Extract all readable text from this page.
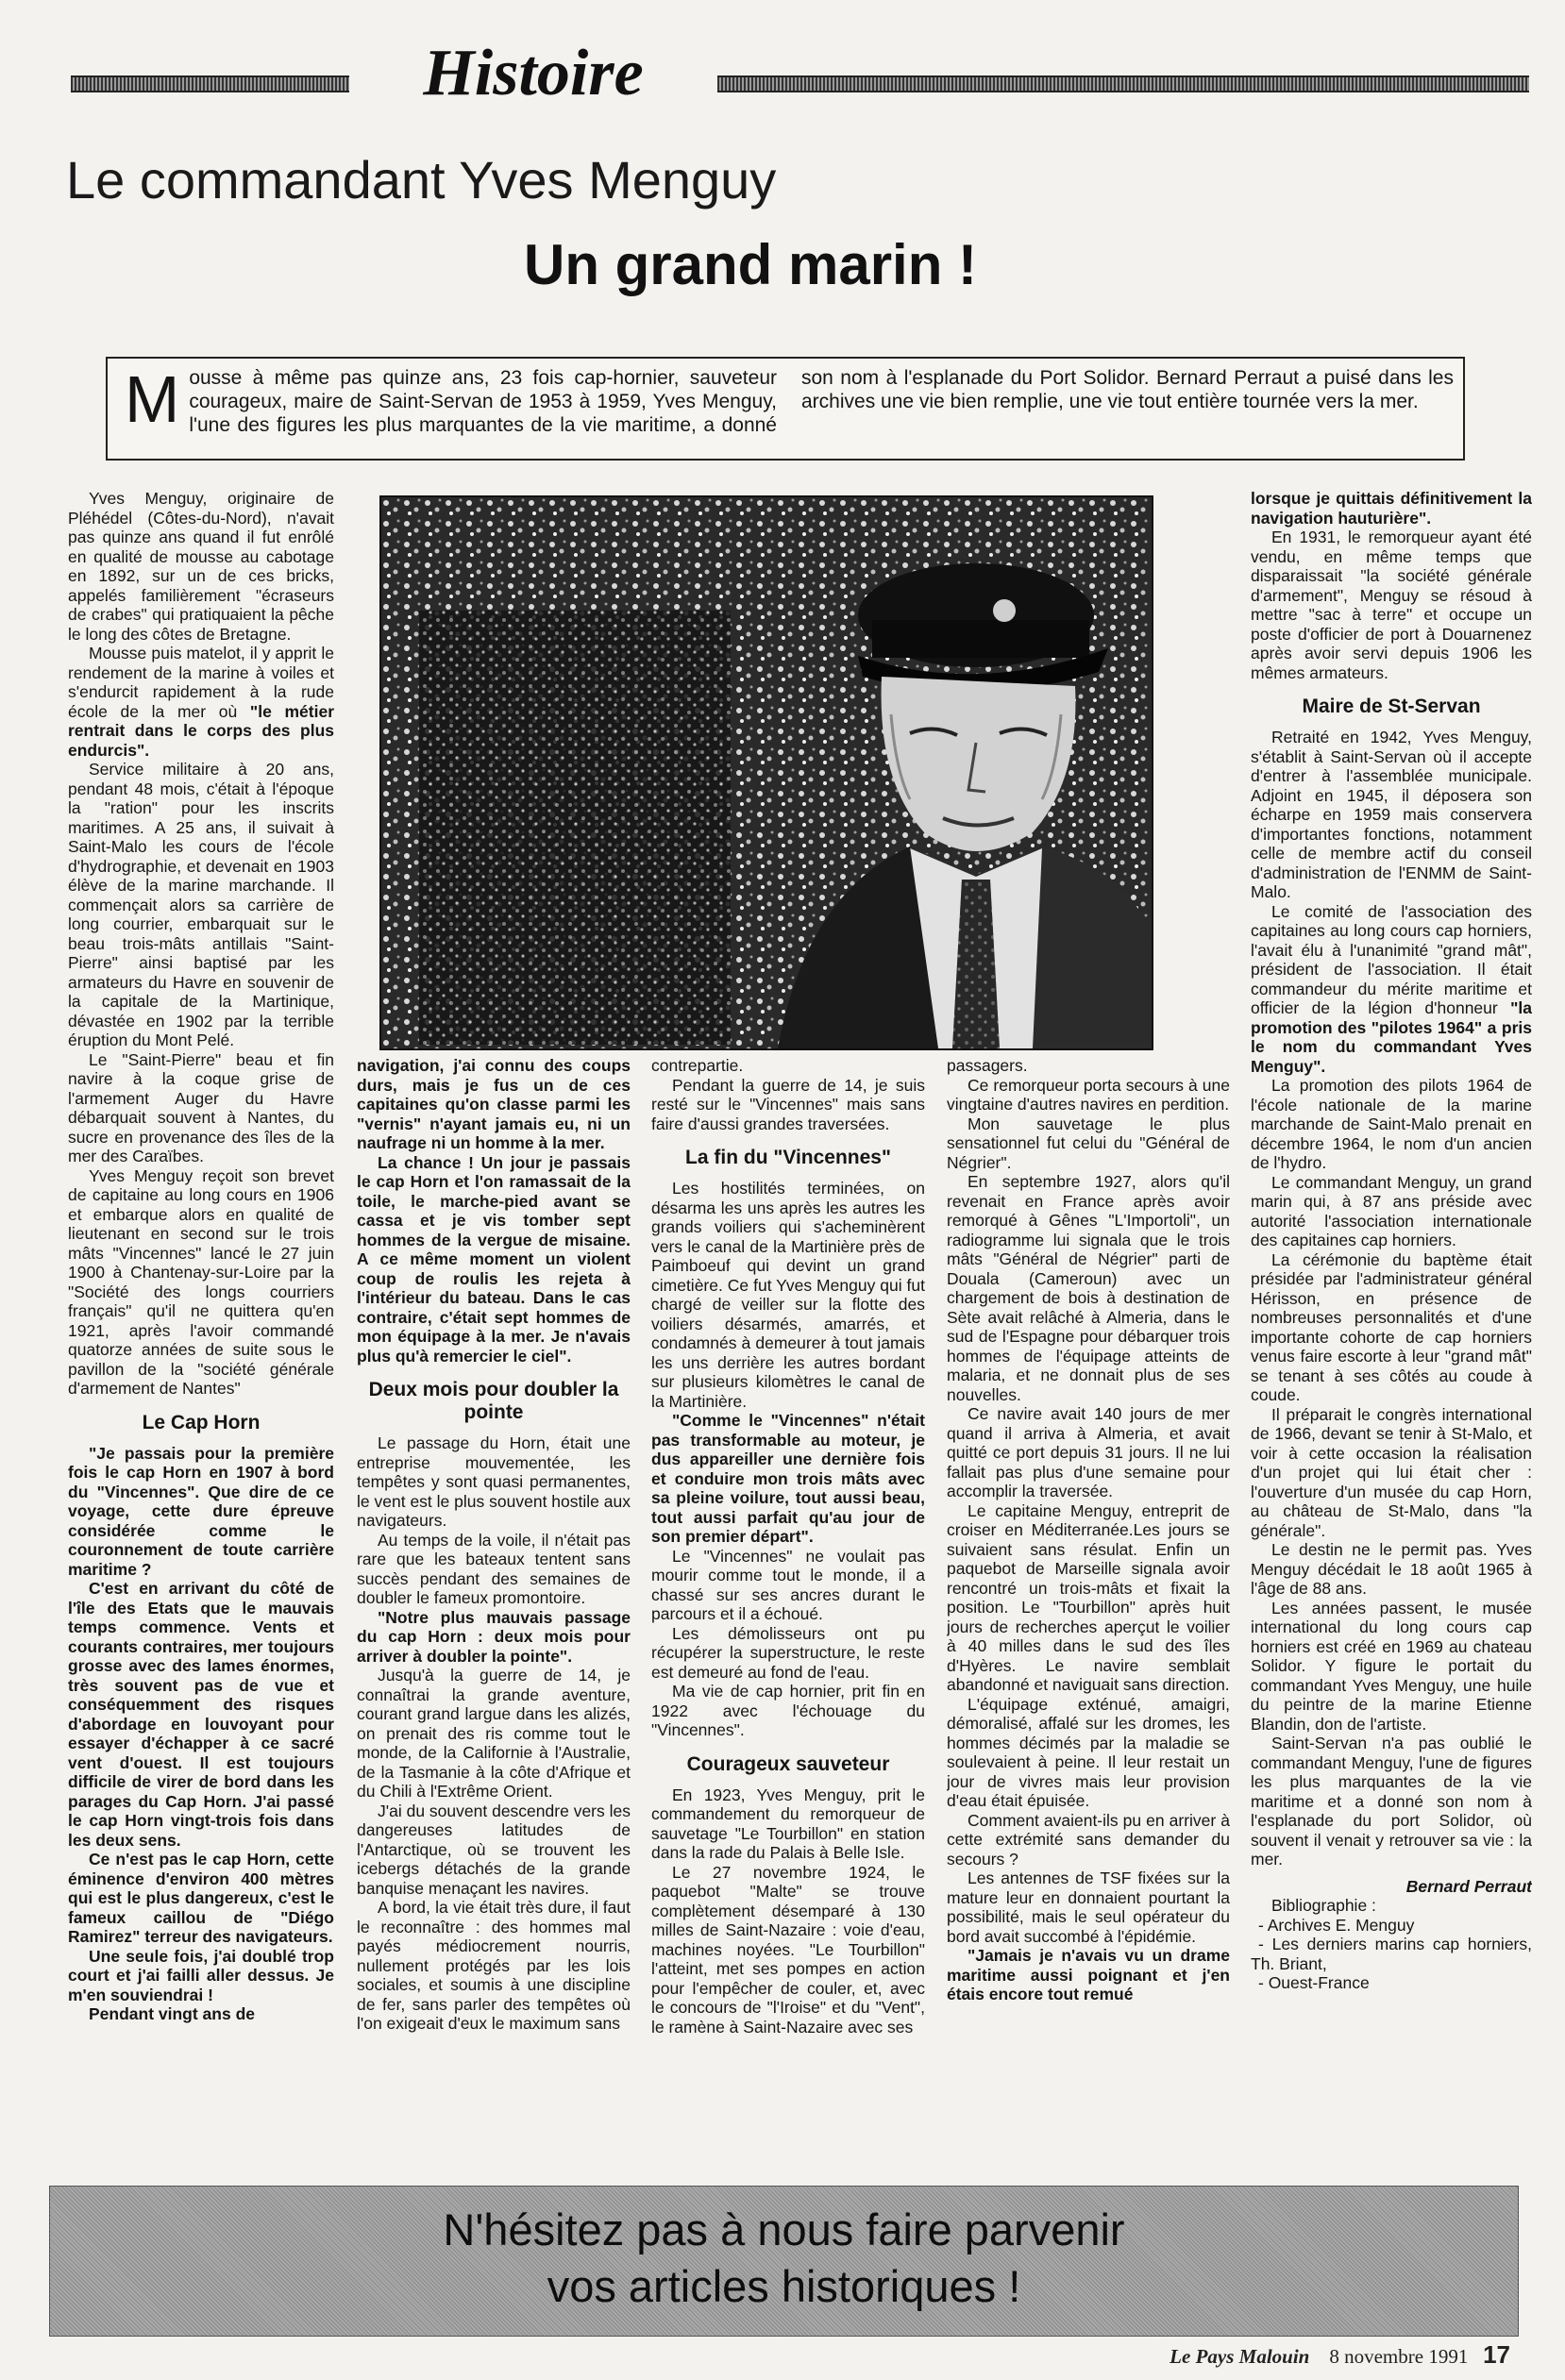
Histoire
Le commandant Yves Menguy
Un grand marin !
Mousse à même pas quinze ans, 23 fois cap-hornier, sauveteur courageux, maire de Saint-Servan de 1953 à 1959, Yves Menguy, l'une des figures les plus marquantes de la vie maritime, a donné son nom à l'esplanade du Port Solidor. Bernard Perraut a puisé dans les archives une vie bien remplie, une vie tout entière tournée vers la mer.

Yves Menguy, originaire de Pléhédel (Côtes-du-Nord), n'avait pas quinze ans quand il fut enrôlé en qualité de mousse au cabotage en 1892, sur un de ces bricks, appelés familièrement "écraseurs de crabes" qui pratiquaient la pêche le long des côtes de Bretagne.

Mousse puis matelot, il y apprit le rendement de la marine à voiles et s'endurcit rapidement à la rude école de la mer où "le métier rentrait dans le corps des plus endurcis".

Service militaire à 20 ans, pendant 48 mois, c'était à l'époque la "ration" pour les inscrits maritimes. A 25 ans, il suivait à Saint-Malo les cours de l'école d'hydrographie, et devenait en 1903 élève de la marine marchande. Il commençait alors sa carrière de long courrier, embarquait sur le beau trois-mâts antillais "Saint-Pierre" ainsi baptisé par les armateurs du Havre en souvenir de la capitale de la Martinique, dévastée en 1902 par la terrible éruption du Mont Pelé.

Le "Saint-Pierre" beau et fin navire à la coque grise de l'armement Auger du Havre débarquait souvent à Nantes, du sucre en provenance des îles de la mer des Caraïbes.

Yves Menguy reçoit son brevet de capitaine au long cours en 1906 et embarque alors en qualité de lieutenant en second sur le trois mâts "Vincennes" lancé le 27 juin 1900 à Chantenay-sur-Loire par la "Société des longs courriers français" qu'il ne quittera qu'en 1921, après l'avoir commandé quatorze années de suite sous le pavillon de la "société générale d'armement de Nantes"

Le Cap Horn

"Je passais pour la première fois le cap Horn en 1907 à bord du "Vincennes". Que dire de ce voyage, cette dure épreuve considérée comme le couronnement de toute carrière maritime ?

C'est en arrivant du côté de l'île des Etats que le mauvais temps commence. Vents et courants contraires, mer toujours grosse avec des lames énormes, très souvent pas de vue et conséquemment des risques d'abordage en louvoyant pour essayer d'échapper à ce sacré vent d'ouest. Il est toujours difficile de virer de bord dans les parages du Cap Horn. J'ai passé le cap Horn vingt-trois fois dans les deux sens.

Ce n'est pas le cap Horn, cette éminence d'environ 400 mètres qui est le plus dangereux, c'est le fameux caillou de "Diégo Ramirez" terreur des navigateurs.

Une seule fois, j'ai doublé trop court et j'ai failli aller dessus. Je m'en souviendrai !

Pendant vingt ans de

navigation, j'ai connu des coups durs, mais je fus un de ces capitaines qu'on classe parmi les "vernis" n'ayant jamais eu, ni un naufrage ni un homme à la mer.

La chance ! Un jour je passais le cap Horn et l'on ramassait de la toile, le marche-pied avant se cassa et je vis tomber sept hommes de la vergue de misaine. A ce même moment un violent coup de roulis les rejeta à l'intérieur du bateau. Dans le cas contraire, c'était sept hommes de mon équipage à la mer. Je n'avais plus qu'à remercier le ciel".

Deux mois pour doubler la pointe

Le passage du Horn, était une entreprise mouvementée, les tempêtes y sont quasi permanentes, le vent est le plus souvent hostile aux navigateurs.

Au temps de la voile, il n'était pas rare que les bateaux tentent sans succès pendant des semaines de doubler le fameux promontoire.

"Notre plus mauvais passage du cap Horn : deux mois pour arriver à doubler la pointe".

Jusqu'à la guerre de 14, je connaîtrai la grande aventure, courant grand largue dans les alizés, on prenait des ris comme tout le monde, de la Californie à l'Australie, de la Tasmanie à la côte d'Afrique et du Chili à l'Extrême Orient.

J'ai du souvent descendre vers les dangereuses latitudes de l'Antarctique, où se trouvent les icebergs détachés de la grande banquise menaçant les navires.

A bord, la vie était très dure, il faut le reconnaître : des hommes mal payés médiocrement nourris, nullement protégés par les lois sociales, et soumis à une discipline de fer, sans parler des tempêtes où l'on exigeait d'eux le maximum sans

contrepartie.

Pendant la guerre de 14, je suis resté sur le "Vincennes" mais sans faire d'aussi grandes traversées.

La fin du "Vincennes"

Les hostilités terminées, on désarma les uns après les autres les grands voiliers qui s'acheminèrent vers le canal de la Martinière près de Paimboeuf qui devint un grand cimetière. Ce fut Yves Menguy qui fut chargé de veiller sur la flotte des voiliers désarmés, amarrés, et condamnés à demeurer à tout jamais les uns derrière les autres bordant sur plusieurs kilomètres le canal de la Martinière.

"Comme le "Vincennes" n'était pas transformable au moteur, je dus appareiller une dernière fois et conduire mon trois mâts avec sa pleine voilure, tout aussi beau, tout aussi parfait qu'au jour de son premier départ".

Le "Vincennes" ne voulait pas mourir comme tout le monde, il a chassé sur ses ancres durant le parcours et il a échoué.

Les démolisseurs ont pu récupérer la superstructure, le reste est demeuré au fond de l'eau.

Ma vie de cap hornier, prit fin en 1922 avec l'échouage du "Vincennes".

Courageux sauveteur

En 1923, Yves Menguy, prit le commandement du remorqueur de sauvetage "Le Tourbillon" en station dans la rade du Palais à Belle Isle.

Le 27 novembre 1924, le paquebot "Malte" se trouve complètement désemparé à 130 milles de Saint-Nazaire : voie d'eau, machines noyées. "Le Tourbillon" l'atteint, met ses pompes en action pour l'empêcher de couler, et, avec le concours de "l'Iroise" et du "Vent", le ramène à Saint-Nazaire avec ses

passagers.

Ce remorqueur porta secours à une vingtaine d'autres navires en perdition.

Mon sauvetage le plus sensationnel fut celui du "Général de Négrier".

En septembre 1927, alors qu'il revenait en France après avoir remorqué à Gênes "L'Importoli", un radiogramme lui signala que le trois mâts "Général de Négrier" parti de Douala (Cameroun) avec un chargement de bois à destination de Sète avait relâché à Almeria, dans le sud de l'Espagne pour débarquer trois hommes de l'équipage atteints de malaria, et ne donnait plus de ses nouvelles.

Ce navire avait 140 jours de mer quand il arriva à Almeria, et avait quitté ce port depuis 31 jours. Il ne lui fallait pas plus d'une semaine pour accomplir la traversée.

Le capitaine Menguy, entreprit de croiser en Méditerranée.Les jours se suivaient sans résulat. Enfin un paquebot de Marseille signala avoir rencontré un trois-mâts et fixait la position. Le "Tourbillon" après huit jours de recherches aperçut le voilier à 40 milles dans le sud des îles d'Hyères. Le navire semblait abandonné et naviguait sans direction.

L'équipage exténué, amaigri, démoralisé, affalé sur les dromes, les hommes décimés par la maladie se soulevaient à peine. Il leur restait un jour de vivres mais leur provision d'eau était épuisée.

Comment avaient-ils pu en arriver à cette extrémité sans demander du secours ?

Les antennes de TSF fixées sur la mature leur en donnaient pourtant la possibilité, mais le seul opérateur du bord avait succombé à l'épidémie.

"Jamais je n'avais vu un drame maritime aussi poignant et j'en étais encore tout remué

lorsque je quittais définitivement la navigation hauturière".

En 1931, le remorqueur ayant été vendu, en même temps que disparaissait "la société générale d'armement", Menguy se résoud à mettre "sac à terre" et occupe un poste d'officier de port à Douarnenez après avoir servi depuis 1906 les mêmes armateurs.

Maire de St-Servan

Retraité en 1942, Yves Menguy, s'établit à Saint-Servan où il accepte d'entrer à l'assemblée municipale. Adjoint en 1945, il déposera son écharpe en 1959 mais conservera d'importantes fonctions, notamment celle de membre actif du conseil d'administration de l'ENMM de Saint-Malo.

Le comité de l'association des capitaines au long cours cap horniers, l'avait élu à l'unanimité "grand mât", président de l'association. Il était commandeur du mérite maritime et officier de la légion d'honneur "la promotion des "pilotes 1964" a pris le nom du commandant Yves Menguy".

La promotion des pilots 1964 de l'école nationale de la marine marchande de Saint-Malo prenait en décembre 1964, le nom d'un ancien de l'hydro.

Le commandant Menguy, un grand marin qui, à 87 ans préside avec autorité l'association internationale des capitaines cap horniers.

La cérémonie du baptème était présidée par l'administrateur général Hérisson, en présence de nombreuses personnalités et d'une importante cohorte de cap horniers venus faire escorte à leur "grand mât" se tenant à ses côtés au coude à coude.

Il préparait le congrès international de 1966, devant se tenir à St-Malo, et voir à cette occasion la réalisation d'un projet qui lui était cher : l'ouverture d'un musée du cap Horn, au château de St-Malo, dans "la générale".

Le destin ne le permit pas. Yves Menguy décédait le 18 août 1965 à l'âge de 88 ans.

Les années passent, le musée international du long cours cap horniers est créé en 1969 au chateau Solidor. Y figure le portait du commandant Yves Menguy, une huile du peintre de la marine Etienne Blandin, don de l'artiste.

Saint-Servan n'a pas oublié le commandant Menguy, l'une de figures les plus marquantes de la vie maritime et a donné son nom à l'esplanade du port Solidor, où souvent il venait y retrouver sa vie : la mer.

Bernard Perraut

Bibliographie :

- Archives E. Menguy

- Les derniers marins cap horniers, Th. Briant,

- Ouest-France

N'hésitez pas à nous faire parvenir
vos articles historiques !
Le Pays Malouin 8 novembre 1991 17
